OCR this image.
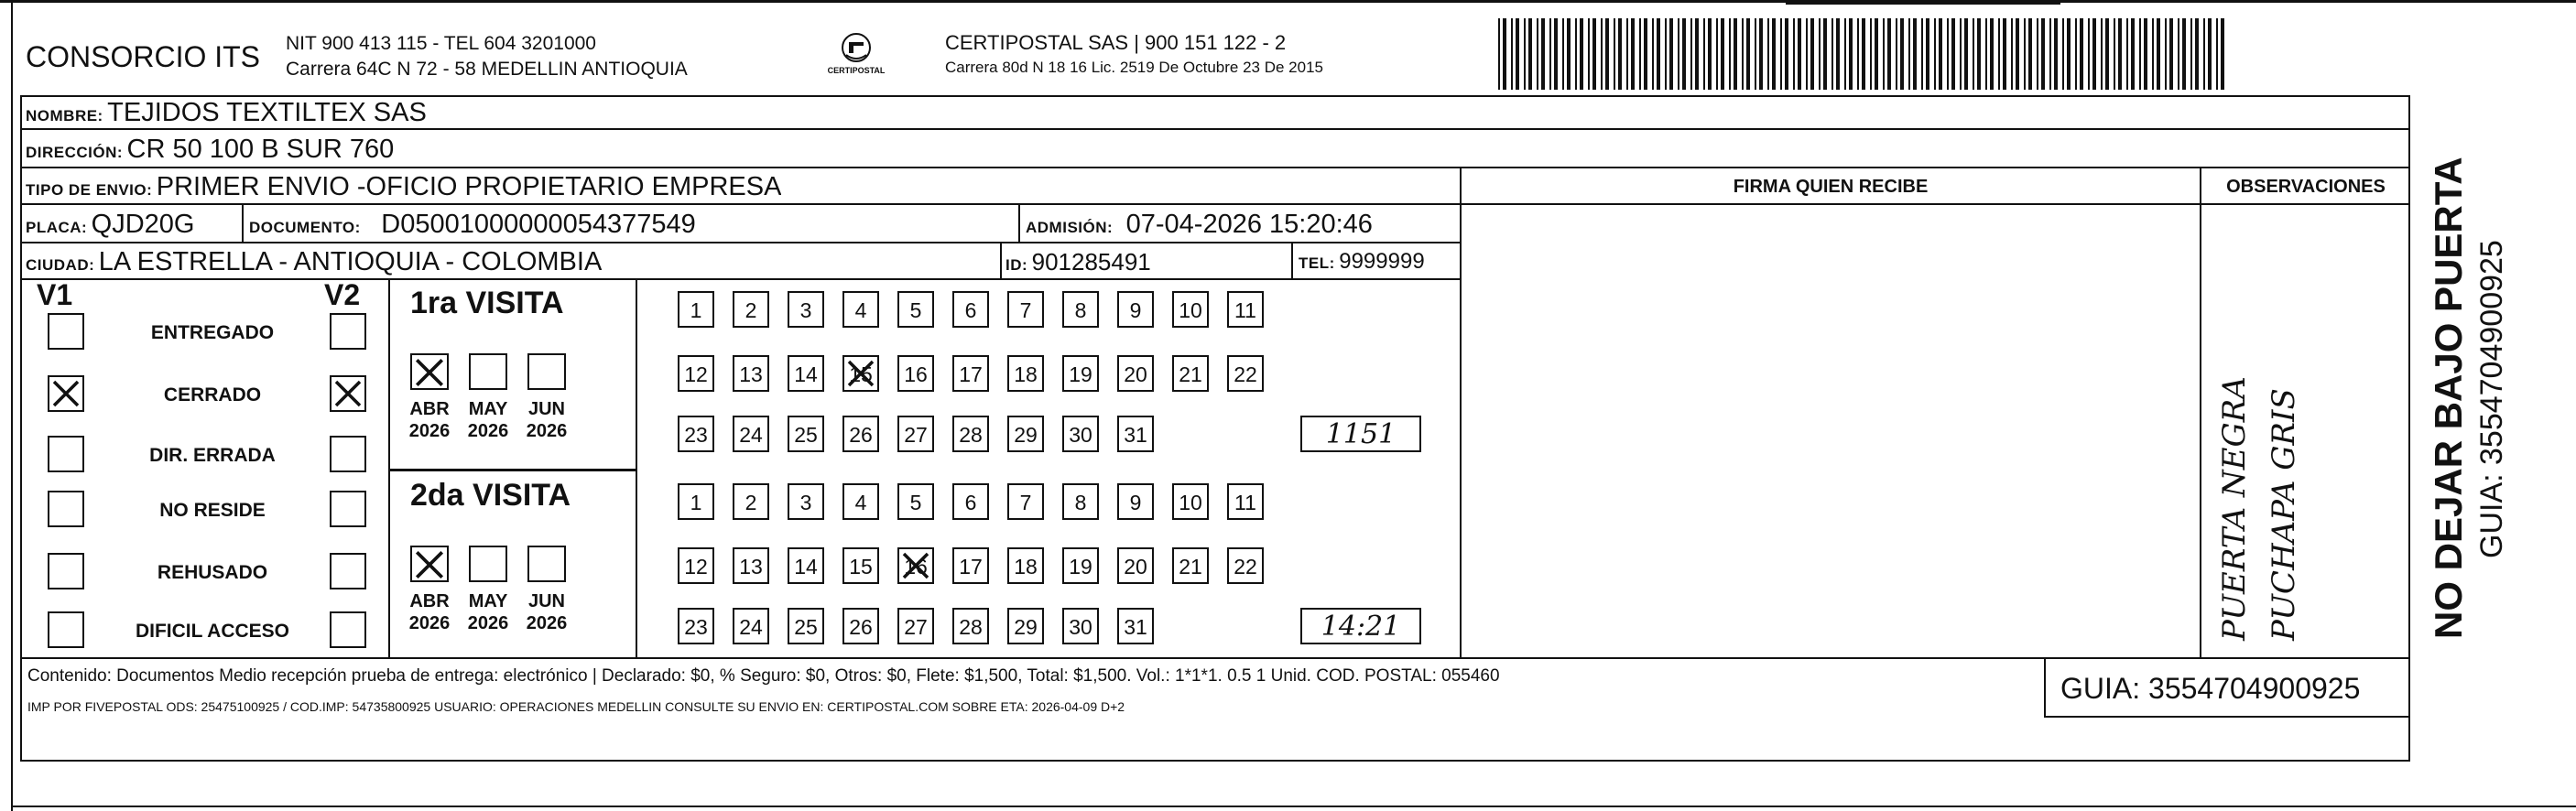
CONSORCIO ITS NIT 900 413 115 - TEL 604 3201000
Carrera 64C N 72 - 58 MEDELLIN ANTIOQUIA	CERTIPOSTAL
CERTIPOSTAL SAS | 900 151 122 - 2
Carrera 80d N 18 16 Lic. 2519 De Octubre 23 De 2015
NOMBRE: TEJIDOS TEXTILTEX SAS
DIRECCIÓN: CR 50 100 B SUR 760
TIPO DE ENVIO: PRIMER ENVIO -OFICIO PROPIETARIO EMPRESA	FIRMA QUIEN RECIBE	OBSERVACIONES
PLACA: QJD20G	DOCUMENTO: D05001000000054377549	ADMISIÓN: 07-04-2026 15:20:46
CIUDAD: LA ESTRELLA - ANTIOQUIA - COLOMBIA	ID: 901285491	TEL: 9999999
V1	V2
ENTREGADO
CERRADO
DIR. ERRADA
NO RESIDE
REHUSADO
DIFICIL ACCESO
1ra VISITA
ABR
2026
MAY
2026
JUN
2026
1	2	3	4	5	6	7	8	9	10	11
12	13	14	15	16	17	18	19	20	21	22
23	24	25	26	27	28	29	30	31	1151
2da VISITA
ABR
2026
MAY
2026
JUN
2026
1	2	3	4	5	6	7	8	9	10	11
12	13	14	15	16	17	18	19	20	21	22
23	24	25	26	27	28	29	30	31	14:21	PUERTA NEGRA PUCHAPA GRIS
Contenido: Documentos Medio recepción prueba de entrega: electrónico | Declarado: $0, % Seguro: $0, Otros: $0, Flete: $1,500, Total: $1,500. Vol.: 1*1*1. 0.5 1 Unid. COD. POSTAL: 055460
IMP POR FIVEPOSTAL ODS: 25475100925 / COD.IMP: 54735800925 USUARIO: OPERACIONES MEDELLIN CONSULTE SU ENVIO EN: CERTIPOSTAL.COM SOBRE ETA: 2026-04-09 D+2
GUIA: 3554704900925
NO DEJAR BAJO PUERTA GUIA: 3554704900925
